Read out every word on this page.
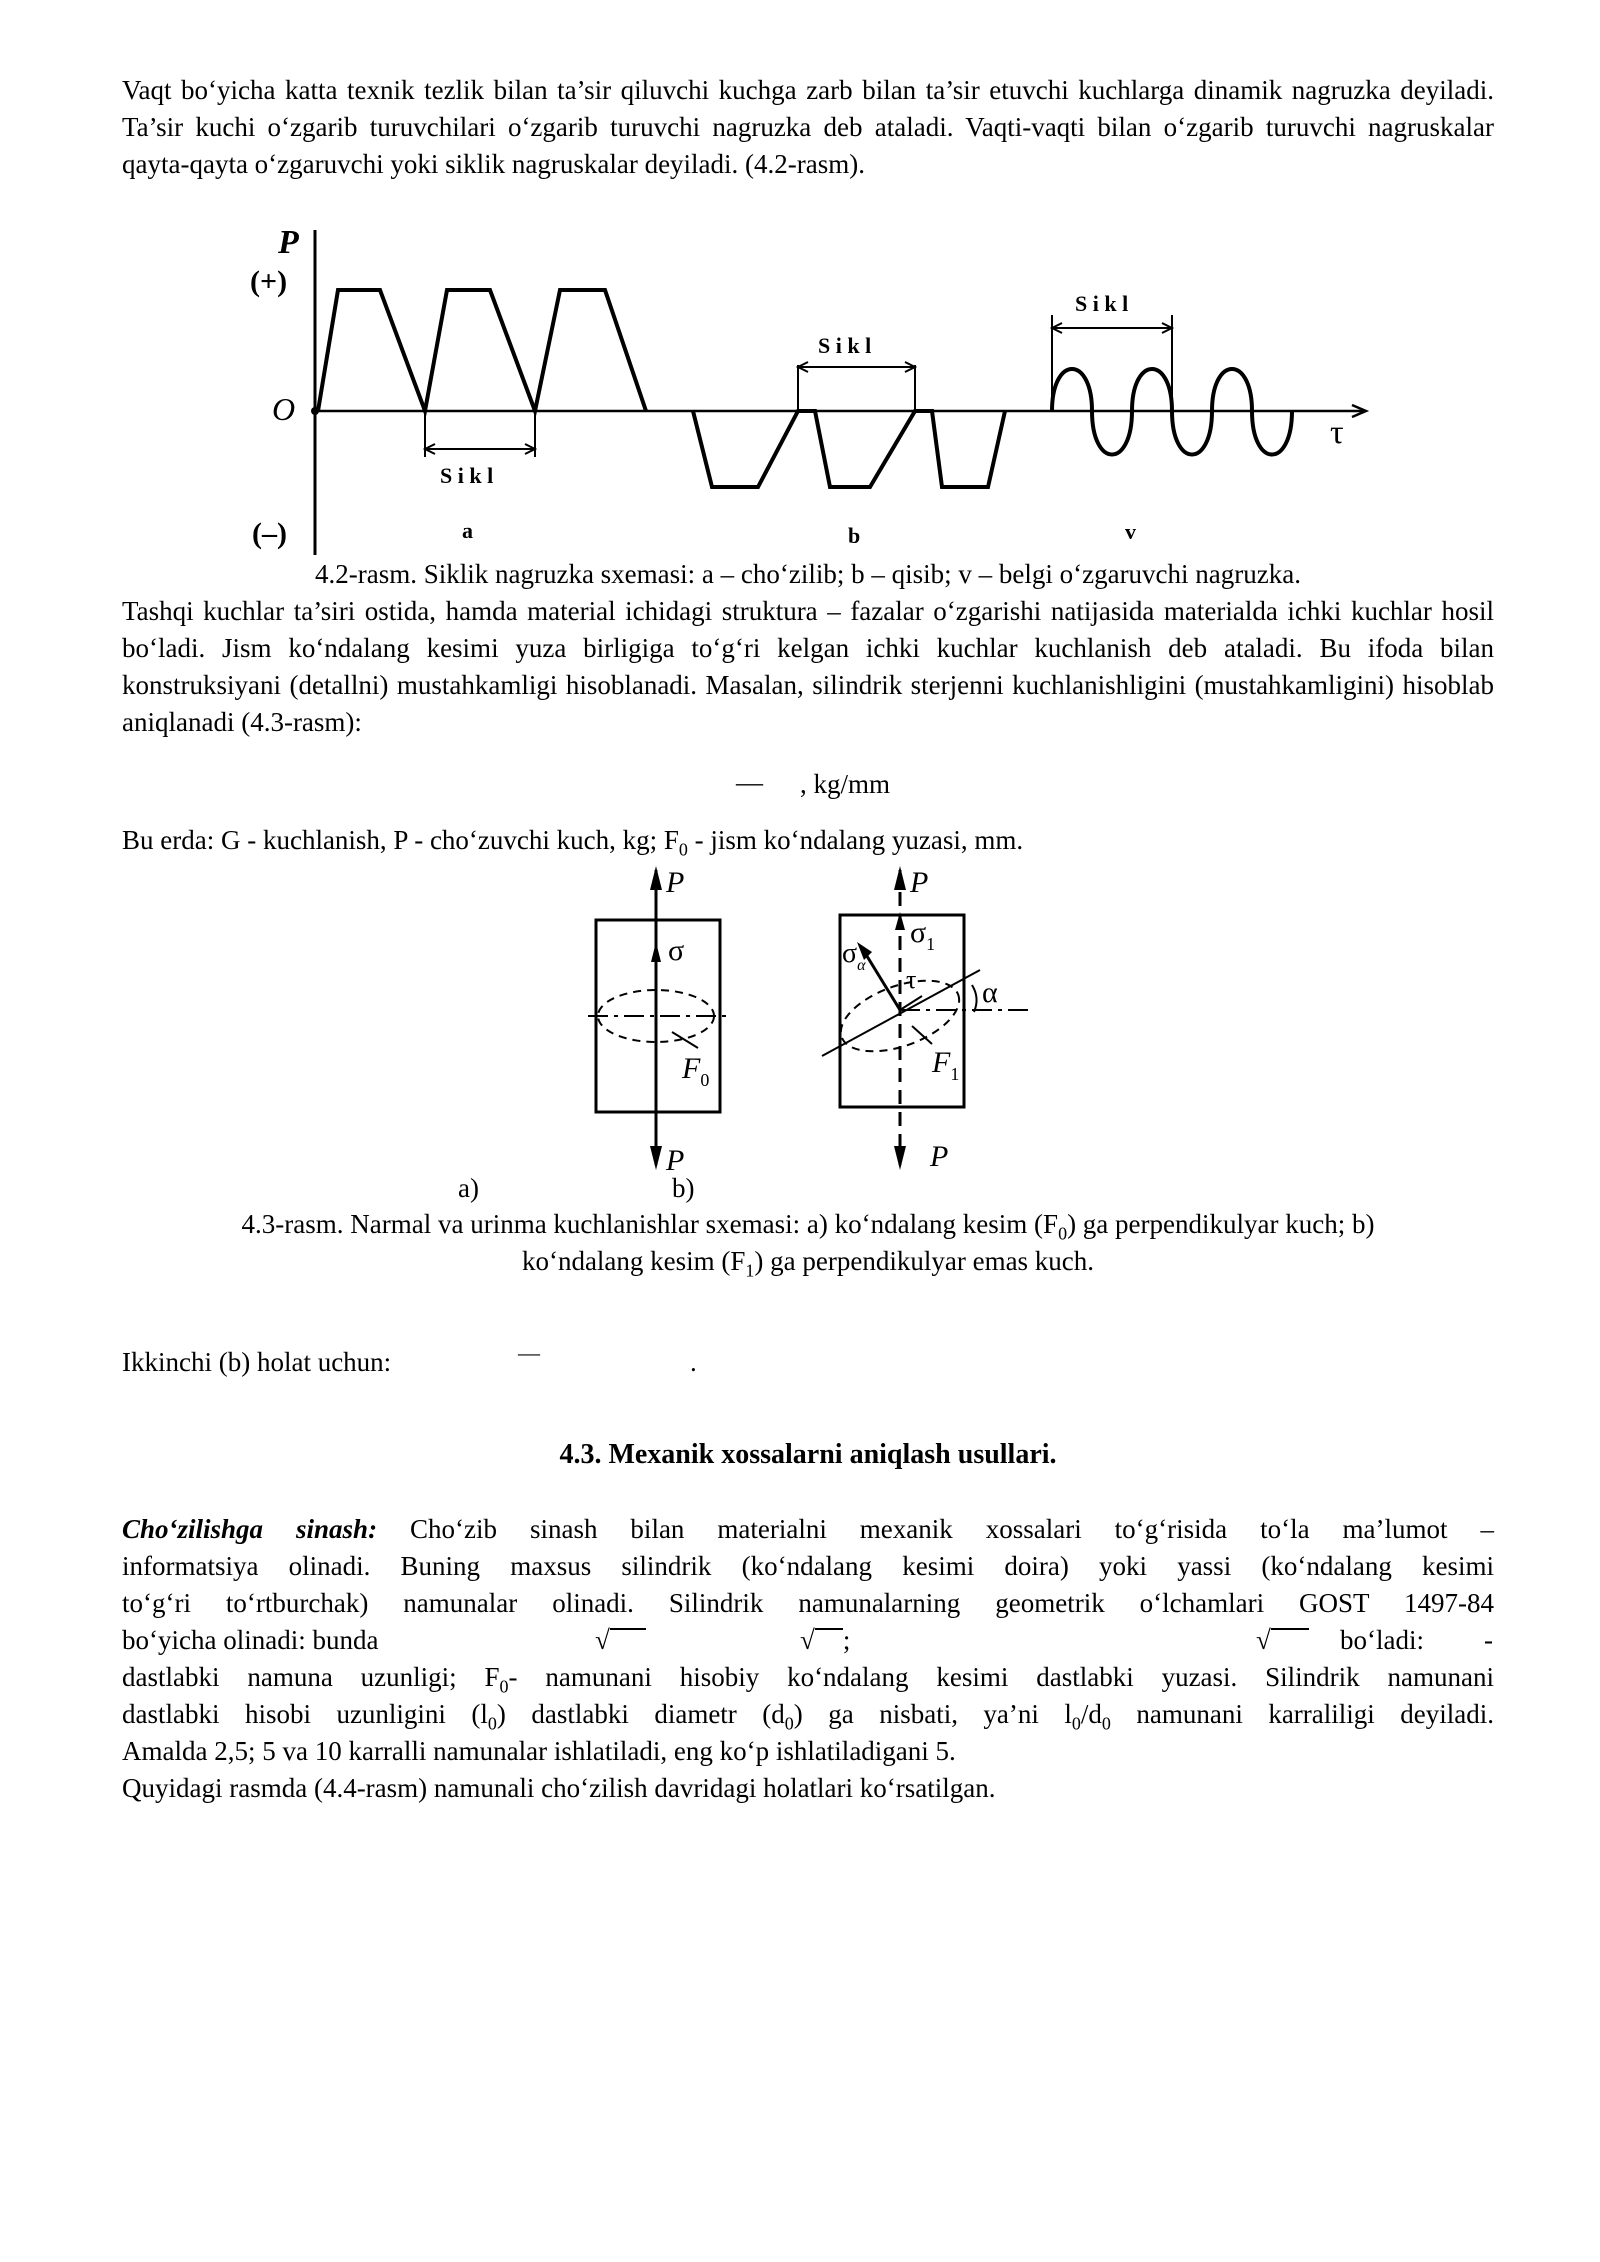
Vaqt bo‘yicha katta texnik tezlik bilan ta’sir qiluvchi kuchga zarb bilan ta’sir etuvchi kuchlarga dinamik nagruzka deyiladi. Ta’sir kuchi o‘zgarib turuvchilari o‘zgarib turuvchi nagruzka deb ataladi. Vaqti-vaqti bilan o‘zgarib turuvchi nagruskalar qayta-qayta o‘zgaruvchi yoki siklik nagruskalar deyiladi. (4.2-rasm).

P
(+)
O
(–)
τ
S i k l
S i k l
S i k l
a	b	v
4.2-rasm. Siklik nagruzka sxemasi: a – cho‘zilib; b – qisib; v – belgi o‘zgaruvchi nagruzka.

Tashqi kuchlar ta’siri ostida, hamda material ichidagi struktura – fazalar o‘zgarishi natijasida materialda ichki kuchlar hosil bo‘ladi. Jism ko‘ndalang kesimi yuza birligiga to‘g‘ri kelgan ichki kuchlar kuchlanish deb ataladi. Bu ifoda bilan konstruksiyani (detallni) mustahkamligi hisoblanadi. Masalan, silindrik sterjenni kuchlanishligini (mustahkamligini) hisoblab aniqlanadi (4.3-rasm):

— , kg/mm
Bu erda: G - kuchlanish, P - cho‘zuvchi kuch, kg; $F_0$ - jism ko‘ndalang yuzasi, mm.
P
P
σ
$F_0$
P
P
$\sigma_1$
$\sigma_\alpha$ τ α
$F_1$
a)	b)
4.3-rasm. Narmal va urinma kuchlanishlar sxemasi: a) ko‘ndalang kesim $(F_0)$ ga perpendikulyar kuch; b)
ko‘ndalang kesim $(F_1)$ ga perpendikulyar emas kuch.
Ikkinchi (b) holat uchun:	—	.
4.3. Mexanik xossalarni aniqlash usullari.

Cho‘zilishga sinash: Cho‘zib sinash bilan materialni mexanik xossalari to‘g‘risida to‘la ma’lumot –

informatsiya olinadi. Buning maxsus silindrik (ko‘ndalang kesimi doira) yoki yassi (ko‘ndalang kesimi

to‘g‘ri to‘rtburchak) namunalar olinadi. Silindrik namunalarning geometrik o‘lchamlari GOST 1497-84

bo‘yicha olinadi: bunda	√	√ ;	√	bo‘ladi: -

dastlabki namuna uzunligi; $F_0-$ namunani hisobiy ko‘ndalang kesimi dastlabki yuzasi. Silindrik namunani

dastlabki hisobi uzunligini $(l_0)$ dastlabki diametr $(d_0)$ ga nisbati, ya’ni $l_0/d_0$ namunani karraliligi deyiladi.

Amalda 2,5; 5 va 10 karralli namunalar ishlatiladi, eng ko‘p ishlatiladigani 5.
Quyidagi rasmda (4.4-rasm) namunali cho‘zilish davridagi holatlari ko‘rsatilgan.
